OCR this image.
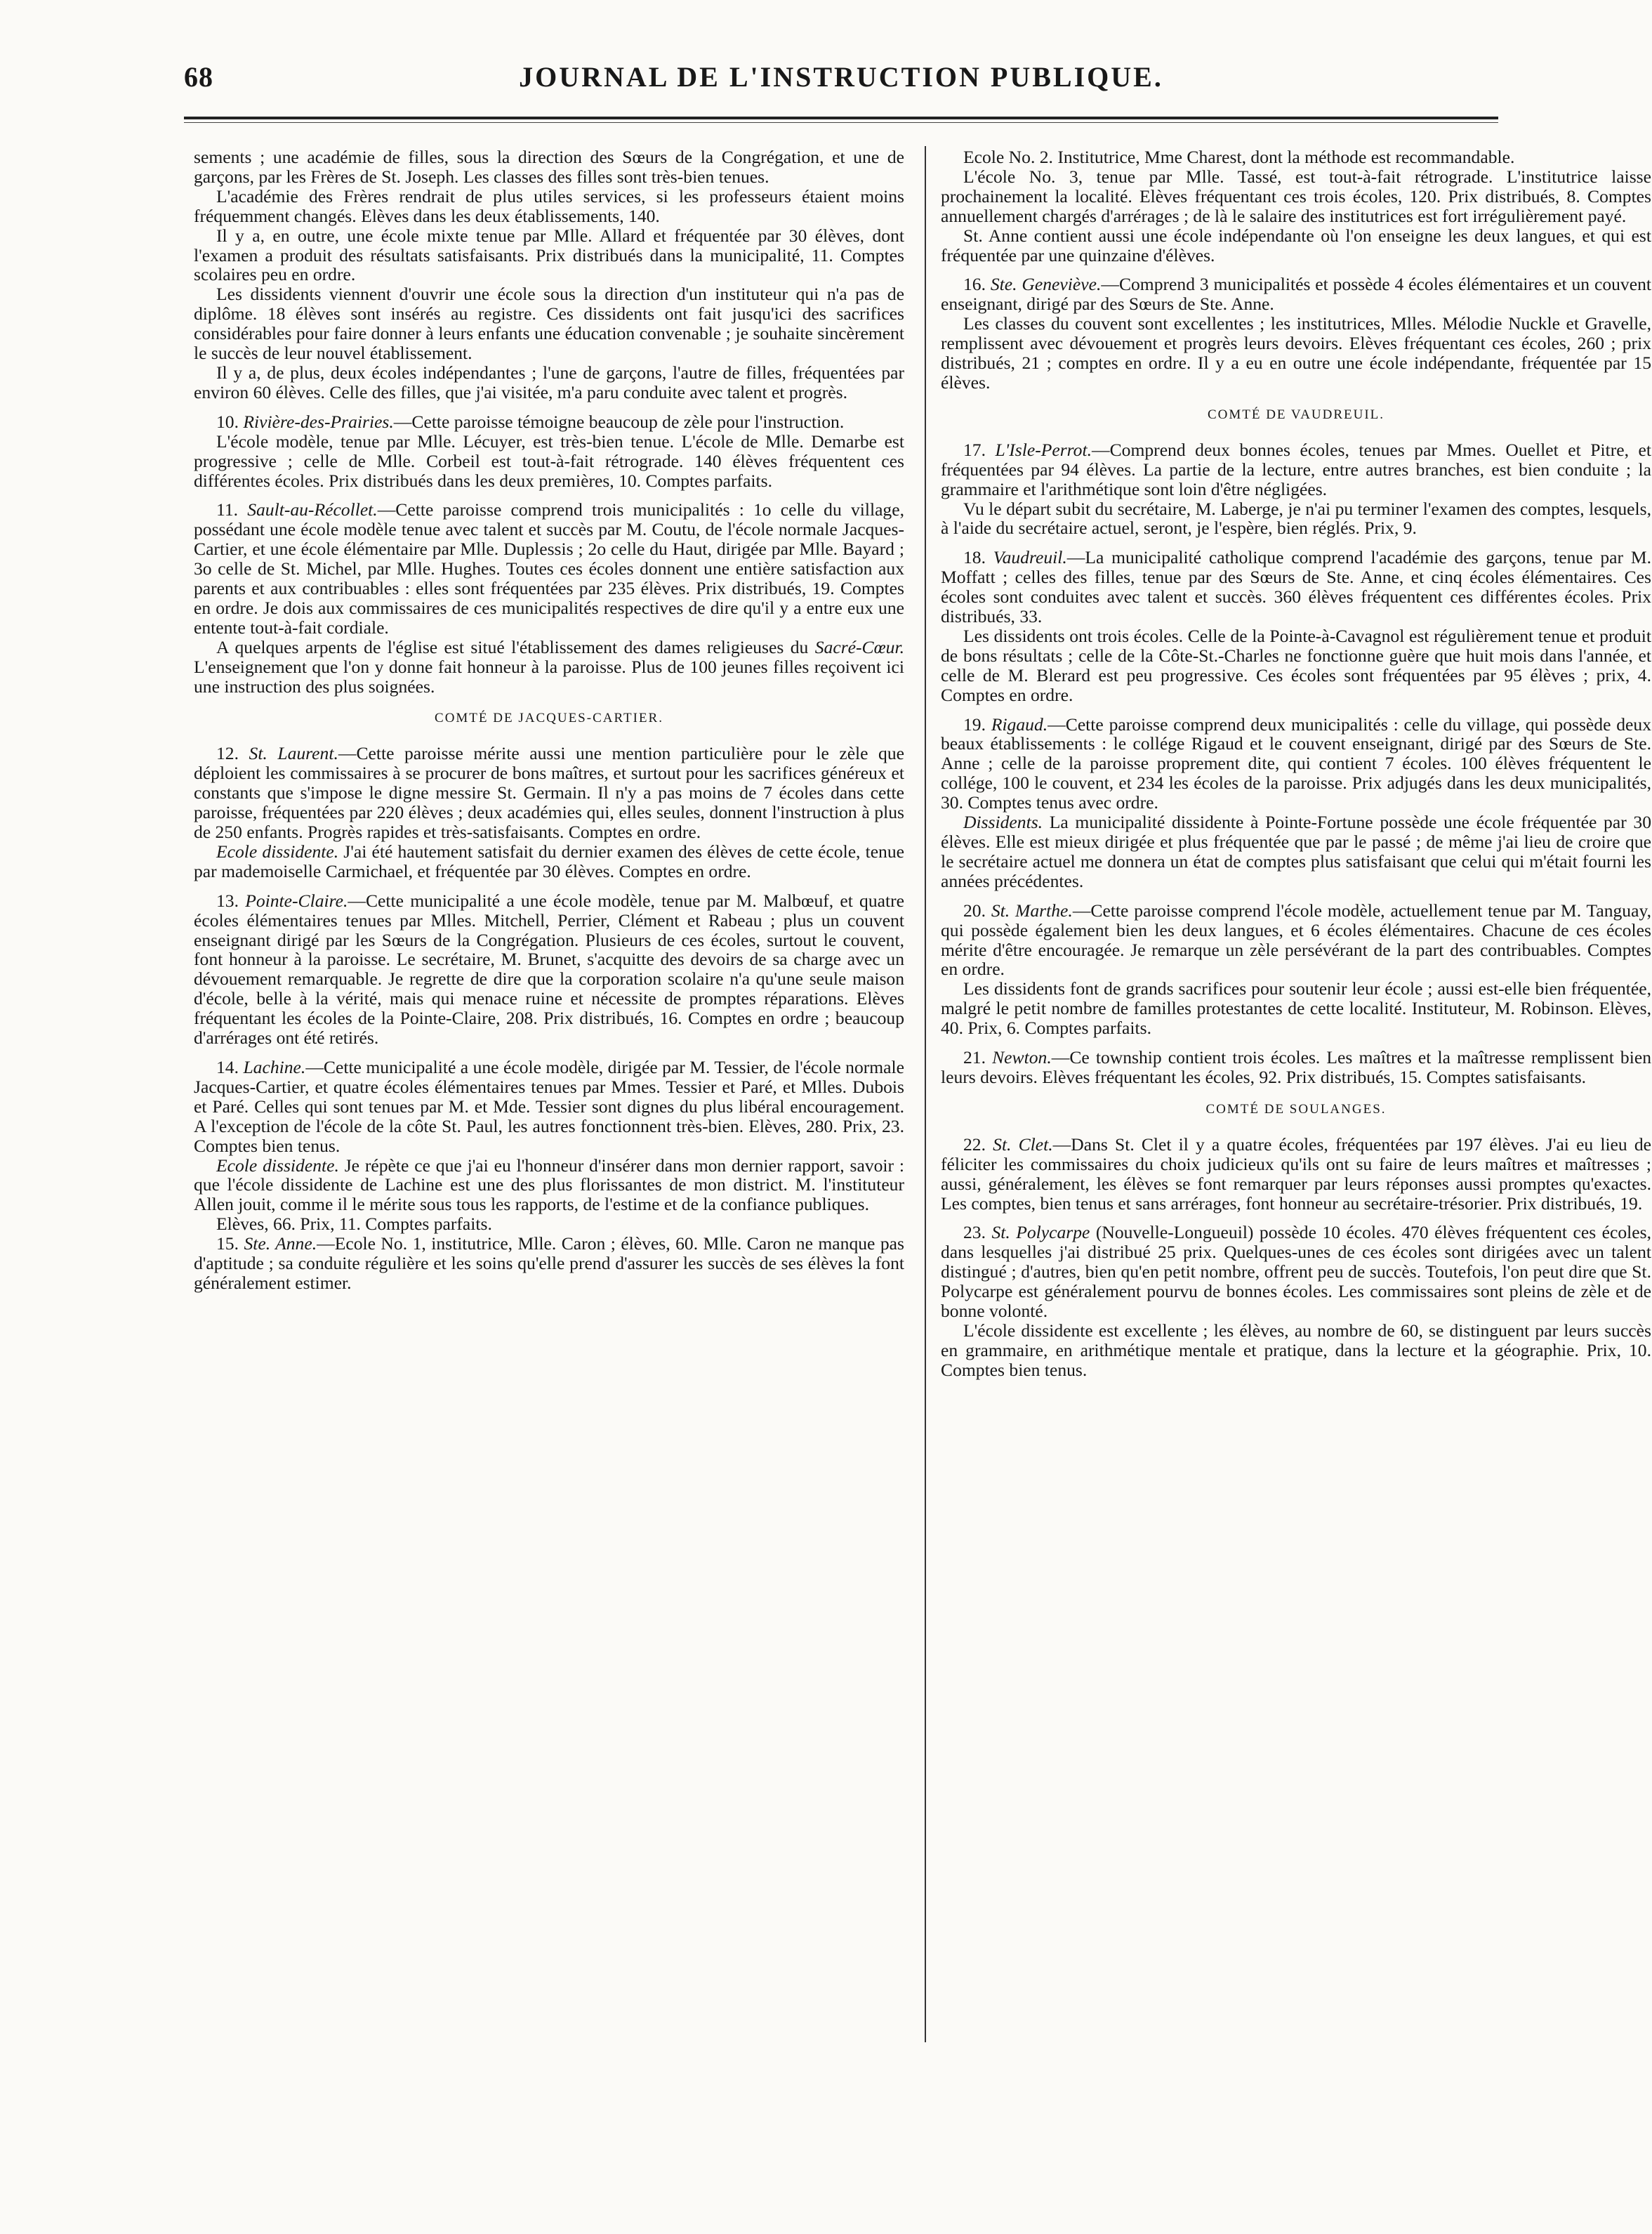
68	JOURNAL DE L'INSTRUCTION PUBLIQUE.

sements ; une académie de filles, sous la direction des Sœurs de la Congrégation, et une de garçons, par les Frères de St. Joseph. Les classes des filles sont très-bien tenues.

L'académie des Frères rendrait de plus utiles services, si les professeurs étaient moins fréquemment changés. Elèves dans les deux établissements, 140.

Il y a, en outre, une école mixte tenue par Mlle. Allard et fréquentée par 30 élèves, dont l'examen a produit des résultats satisfaisants. Prix distribués dans la municipalité, 11. Comptes scolaires peu en ordre.

Les dissidents viennent d'ouvrir une école sous la direction d'un instituteur qui n'a pas de diplôme. 18 élèves sont insérés au registre. Ces dissidents ont fait jusqu'ici des sacrifices considérables pour faire donner à leurs enfants une éducation convenable ; je souhaite sincèrement le succès de leur nouvel établissement.

Il y a, de plus, deux écoles indépendantes ; l'une de garçons, l'autre de filles, fréquentées par environ 60 élèves. Celle des filles, que j'ai visitée, m'a paru conduite avec talent et progrès.

10. Rivière-des-Prairies.—Cette paroisse témoigne beaucoup de zèle pour l'instruction.

L'école modèle, tenue par Mlle. Lécuyer, est très-bien tenue. L'école de Mlle. Demarbe est progressive ; celle de Mlle. Corbeil est tout-à-fait rétrograde. 140 élèves fréquentent ces différentes écoles. Prix distribués dans les deux premières, 10. Comptes parfaits.

11. Sault-au-Récollet.—Cette paroisse comprend trois municipalités : 1o celle du village, possédant une école modèle tenue avec talent et succès par M. Coutu, de l'école normale Jacques-Cartier, et une école élémentaire par Mlle. Duplessis ; 2o celle du Haut, dirigée par Mlle. Bayard ; 3o celle de St. Michel, par Mlle. Hughes. Toutes ces écoles donnent une entière satisfaction aux parents et aux contribuables : elles sont fréquentées par 235 élèves. Prix distribués, 19. Comptes en ordre. Je dois aux commissaires de ces municipalités respectives de dire qu'il y a entre eux une entente tout-à-fait cordiale.

A quelques arpents de l'église est situé l'établissement des dames religieuses du Sacré-Cœur. L'enseignement que l'on y donne fait honneur à la paroisse. Plus de 100 jeunes filles reçoivent ici une instruction des plus soignées.

COMTÉ DE JACQUES-CARTIER.

12. St. Laurent.—Cette paroisse mérite aussi une mention particulière pour le zèle que déploient les commissaires à se procurer de bons maîtres, et surtout pour les sacrifices généreux et constants que s'impose le digne messire St. Germain. Il n'y a pas moins de 7 écoles dans cette paroisse, fréquentées par 220 élèves ; deux académies qui, elles seules, donnent l'instruction à plus de 250 enfants. Progrès rapides et très-satisfaisants. Comptes en ordre.

Ecole dissidente. J'ai été hautement satisfait du dernier examen des élèves de cette école, tenue par mademoiselle Carmichael, et fréquentée par 30 élèves. Comptes en ordre.

13. Pointe-Claire.—Cette municipalité a une école modèle, tenue par M. Malbœuf, et quatre écoles élémentaires tenues par Mlles. Mitchell, Perrier, Clément et Rabeau ; plus un couvent enseignant dirigé par les Sœurs de la Congrégation. Plusieurs de ces écoles, surtout le couvent, font honneur à la paroisse. Le secrétaire, M. Brunet, s'acquitte des devoirs de sa charge avec un dévouement remarquable. Je regrette de dire que la corporation scolaire n'a qu'une seule maison d'école, belle à la vérité, mais qui menace ruine et nécessite de promptes réparations. Elèves fréquentant les écoles de la Pointe-Claire, 208. Prix distribués, 16. Comptes en ordre ; beaucoup d'arrérages ont été retirés.

14. Lachine.—Cette municipalité a une école modèle, dirigée par M. Tessier, de l'école normale Jacques-Cartier, et quatre écoles élémentaires tenues par Mmes. Tessier et Paré, et Mlles. Dubois et Paré. Celles qui sont tenues par M. et Mde. Tessier sont dignes du plus libéral encouragement. A l'exception de l'école de la côte St. Paul, les autres fonctionnent très-bien. Elèves, 280. Prix, 23. Comptes bien tenus.

Ecole dissidente. Je répète ce que j'ai eu l'honneur d'insérer dans mon dernier rapport, savoir : que l'école dissidente de Lachine est une des plus florissantes de mon district. M. l'instituteur Allen jouit, comme il le mérite sous tous les rapports, de l'estime et de la confiance publiques.

Elèves, 66. Prix, 11. Comptes parfaits.

15. Ste. Anne.—Ecole No. 1, institutrice, Mlle. Caron ; élèves, 60. Mlle. Caron ne manque pas d'aptitude ; sa conduite régulière et les soins qu'elle prend d'assurer les succès de ses élèves la font généralement estimer.

Ecole No. 2. Institutrice, Mme Charest, dont la méthode est recommandable.

L'école No. 3, tenue par Mlle. Tassé, est tout-à-fait rétrograde. L'institutrice laisse prochainement la localité. Elèves fréquentant ces trois écoles, 120. Prix distribués, 8. Comptes annuellement chargés d'arrérages ; de là le salaire des institutrices est fort irrégulièrement payé.

St. Anne contient aussi une école indépendante où l'on enseigne les deux langues, et qui est fréquentée par une quinzaine d'élèves.

16. Ste. Geneviève.—Comprend 3 municipalités et possède 4 écoles élémentaires et un couvent enseignant, dirigé par des Sœurs de Ste. Anne.

Les classes du couvent sont excellentes ; les institutrices, Mlles. Mélodie Nuckle et Gravelle, remplissent avec dévouement et progrès leurs devoirs. Elèves fréquentant ces écoles, 260 ; prix distribués, 21 ; comptes en ordre. Il y a eu en outre une école indépendante, fréquentée par 15 élèves.

COMTÉ DE VAUDREUIL.

17. L'Isle-Perrot.—Comprend deux bonnes écoles, tenues par Mmes. Ouellet et Pitre, et fréquentées par 94 élèves. La partie de la lecture, entre autres branches, est bien conduite ; la grammaire et l'arithmétique sont loin d'être négligées.

Vu le départ subit du secrétaire, M. Laberge, je n'ai pu terminer l'examen des comptes, lesquels, à l'aide du secrétaire actuel, seront, je l'espère, bien réglés. Prix, 9.

18. Vaudreuil.—La municipalité catholique comprend l'académie des garçons, tenue par M. Moffatt ; celles des filles, tenue par des Sœurs de Ste. Anne, et cinq écoles élémentaires. Ces écoles sont conduites avec talent et succès. 360 élèves fréquentent ces différentes écoles. Prix distribués, 33.

Les dissidents ont trois écoles. Celle de la Pointe-à-Cavagnol est régulièrement tenue et produit de bons résultats ; celle de la Côte-St.-Charles ne fonctionne guère que huit mois dans l'année, et celle de M. Blerard est peu progressive. Ces écoles sont fréquentées par 95 élèves ; prix, 4. Comptes en ordre.

19. Rigaud.—Cette paroisse comprend deux municipalités : celle du village, qui possède deux beaux établissements : le collége Rigaud et le couvent enseignant, dirigé par des Sœurs de Ste. Anne ; celle de la paroisse proprement dite, qui contient 7 écoles. 100 élèves fréquentent le collége, 100 le couvent, et 234 les écoles de la paroisse. Prix adjugés dans les deux municipalités, 30. Comptes tenus avec ordre.

Dissidents. La municipalité dissidente à Pointe-Fortune possède une école fréquentée par 30 élèves. Elle est mieux dirigée et plus fréquentée que par le passé ; de même j'ai lieu de croire que le secrétaire actuel me donnera un état de comptes plus satisfaisant que celui qui m'était fourni les années précédentes.

20. St. Marthe.—Cette paroisse comprend l'école modèle, actuellement tenue par M. Tanguay, qui possède également bien les deux langues, et 6 écoles élémentaires. Chacune de ces écoles mérite d'être encouragée. Je remarque un zèle persévérant de la part des contribuables. Comptes en ordre.

Les dissidents font de grands sacrifices pour soutenir leur école ; aussi est-elle bien fréquentée, malgré le petit nombre de familles protestantes de cette localité. Instituteur, M. Robinson. Elèves, 40. Prix, 6. Comptes parfaits.

21. Newton.—Ce township contient trois écoles. Les maîtres et la maîtresse remplissent bien leurs devoirs. Elèves fréquentant les écoles, 92. Prix distribués, 15. Comptes satisfaisants.

COMTÉ DE SOULANGES.

22. St. Clet.—Dans St. Clet il y a quatre écoles, fréquentées par 197 élèves. J'ai eu lieu de féliciter les commissaires du choix judicieux qu'ils ont su faire de leurs maîtres et maîtresses ; aussi, généralement, les élèves se font remarquer par leurs réponses aussi promptes qu'exactes. Les comptes, bien tenus et sans arrérages, font honneur au secrétaire-trésorier. Prix distribués, 19.

23. St. Polycarpe (Nouvelle-Longueuil) possède 10 écoles. 470 élèves fréquentent ces écoles, dans lesquelles j'ai distribué 25 prix. Quelques-unes de ces écoles sont dirigées avec un talent distingué ; d'autres, bien qu'en petit nombre, offrent peu de succès. Toutefois, l'on peut dire que St. Polycarpe est généralement pourvu de bonnes écoles. Les commissaires sont pleins de zèle et de bonne volonté.

L'école dissidente est excellente ; les élèves, au nombre de 60, se distinguent par leurs succès en grammaire, en arithmétique mentale et pratique, dans la lecture et la géographie. Prix, 10. Comptes bien tenus.
